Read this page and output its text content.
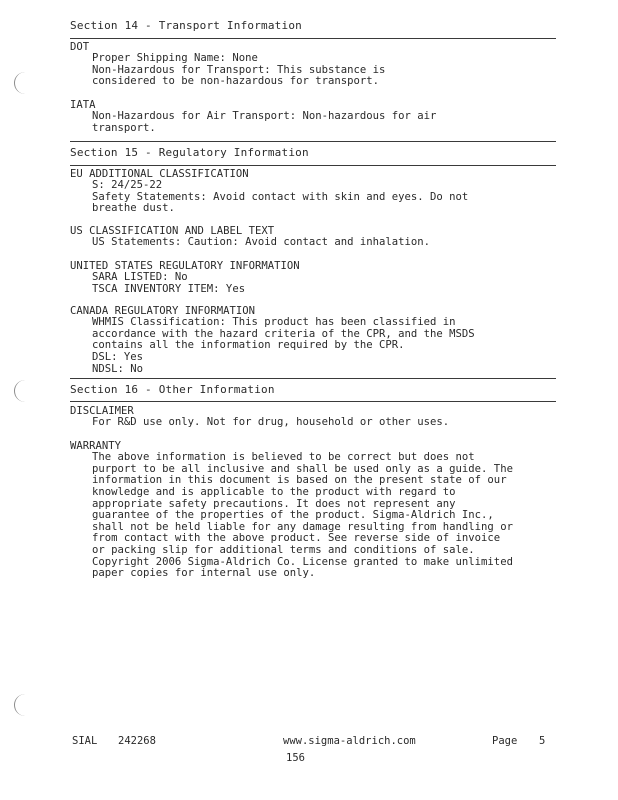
Section 14 - Transport Information
DOT
Proper Shipping Name: None
Non-Hazardous for Transport: This substance is
considered to be non-hazardous for transport.
IATA
Non-Hazardous for Air Transport: Non-hazardous for air
transport.
Section 15 - Regulatory Information
EU ADDITIONAL CLASSIFICATION
S: 24/25-22
Safety Statements: Avoid contact with skin and eyes. Do not
breathe dust.
US CLASSIFICATION AND LABEL TEXT
US Statements: Caution: Avoid contact and inhalation.
UNITED STATES REGULATORY INFORMATION
SARA LISTED: No
TSCA INVENTORY ITEM: Yes
CANADA REGULATORY INFORMATION
WHMIS Classification: This product has been classified in
accordance with the hazard criteria of the CPR, and the MSDS
contains all the information required by the CPR.
DSL: Yes
NDSL: No
Section 16 - Other Information
DISCLAIMER
For R&D use only. Not for drug, household or other uses.
WARRANTY
The above information is believed to be correct but does not
purport to be all inclusive and shall be used only as a guide. The
information in this document is based on the present state of our
knowledge and is applicable to the product with regard to
appropriate safety precautions. It does not represent any
guarantee of the properties of the product. Sigma-Aldrich Inc.,
shall not be held liable for any damage resulting from handling or
from contact with the above product. See reverse side of invoice
or packing slip for additional terms and conditions of sale.
Copyright 2006 Sigma-Aldrich Co. License granted to make unlimited
paper copies for internal use only.
SIAL 242268	www.sigma-aldrich.com	Page 5
156
